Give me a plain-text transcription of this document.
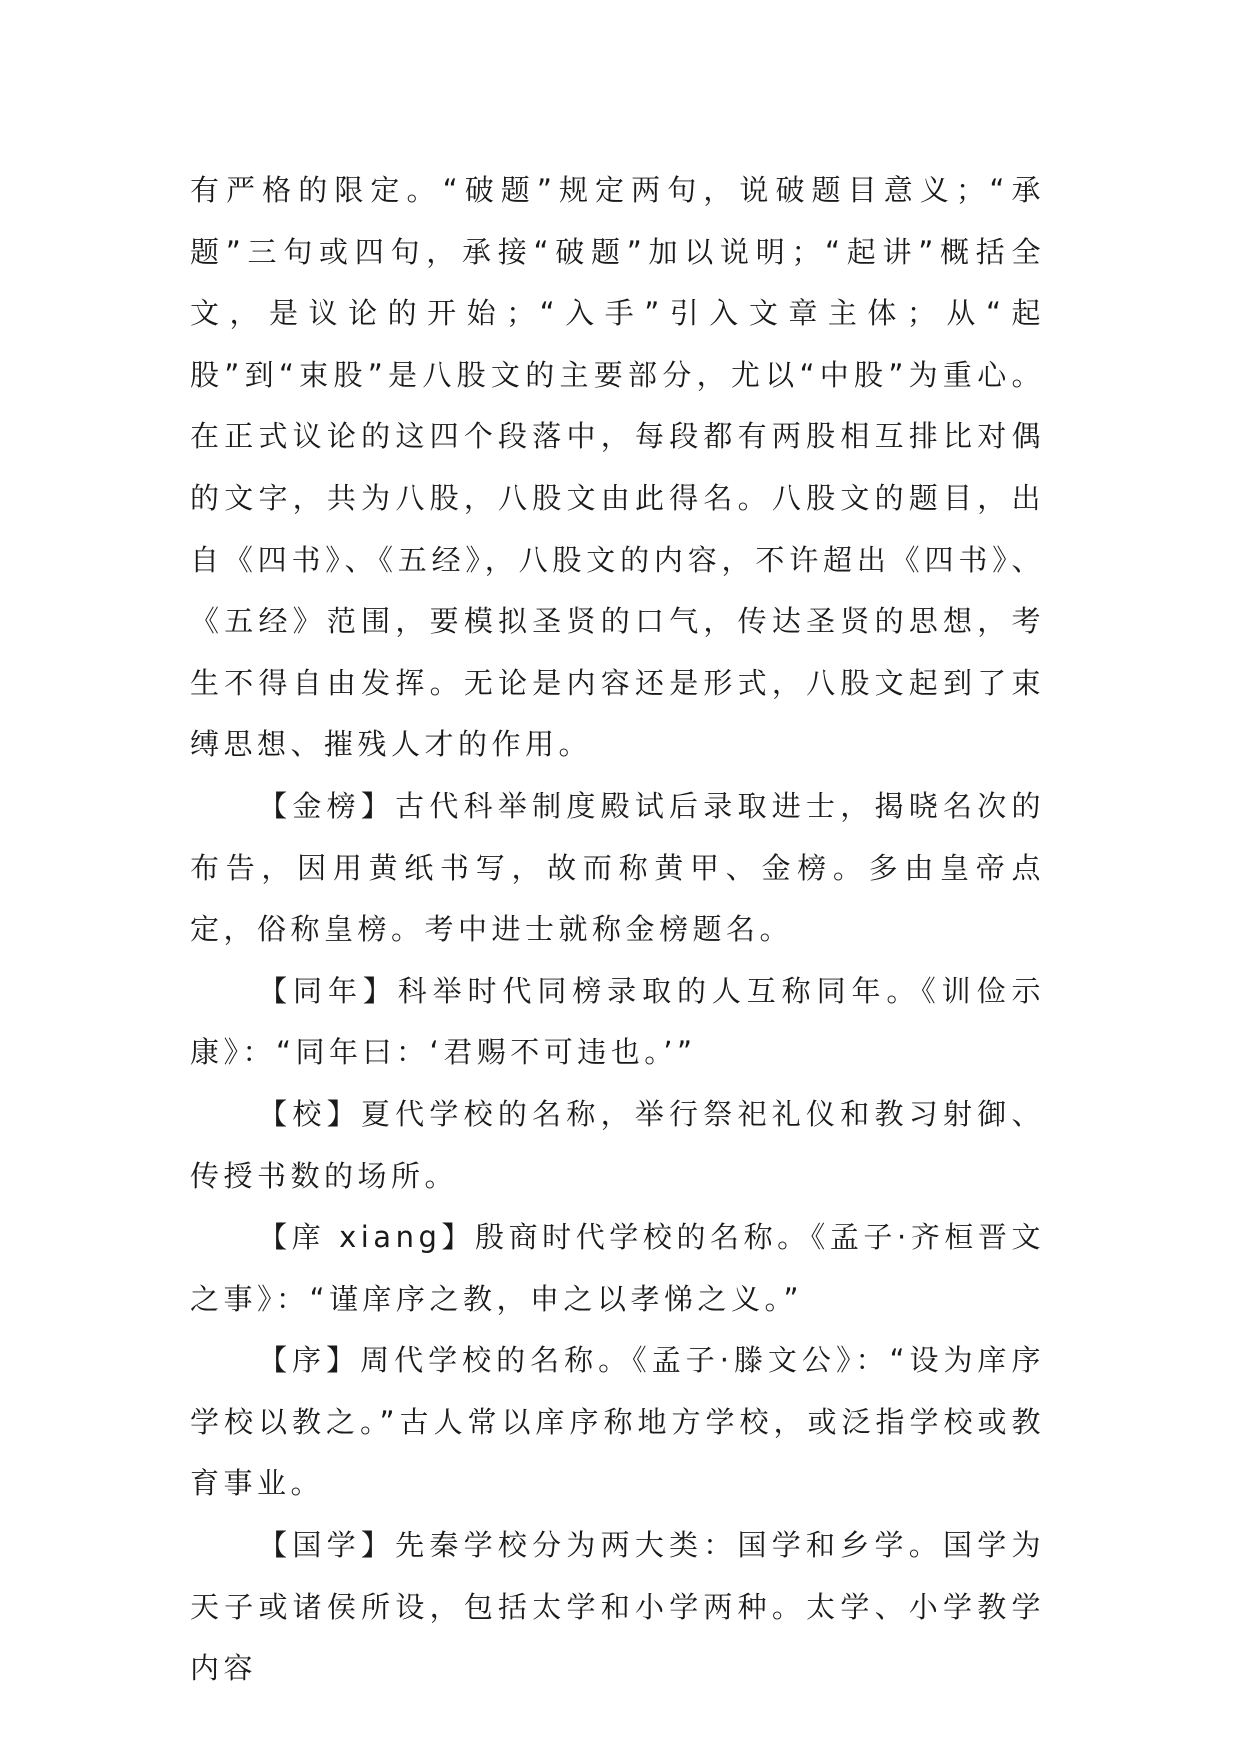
有严格的限定。“破题”规定两句，说破题目意义；“承题”三句或四句，承接“破题”加以说明；“起讲”概括全文，是议论的开始；“入手”引入文章主体；从“起股”到“束股”是八股文的主要部分，尤以“中股”为重心。在正式议论的这四个段落中，每段都有两股相互排比对偶的文字，共为八股，八股文由此得名。八股文的题目，出自《四书》、《五经》，八股文的内容，不许超出《四书》、《五经》范围，要模拟圣贤的口气，传达圣贤的思想，考生不得自由发挥。无论是内容还是形式，八股文起到了束缚思想、摧残人才的作用。

【金榜】古代科举制度殿试后录取进士，揭晓名次的布告，因用黄纸书写，故而称黄甲、金榜。多由皇帝点定，俗称皇榜。考中进士就称金榜题名。

【同年】科举时代同榜录取的人互称同年。《训俭示康》：“同年曰：‘君赐不可违也。’”

【校】夏代学校的名称，举行祭祀礼仪和教习射御、传授书数的场所。

【庠 xiang】殷商时代学校的名称。《孟子·齐桓晋文之事》：“谨庠序之教，申之以孝悌之义。”

【序】周代学校的名称。《孟子·滕文公》：“设为庠序学校以教之。”古人常以庠序称地方学校，或泛指学校或教育事业。

【国学】先秦学校分为两大类：国学和乡学。国学为天子或诸侯所设，包括太学和小学两种。太学、小学教学内容
